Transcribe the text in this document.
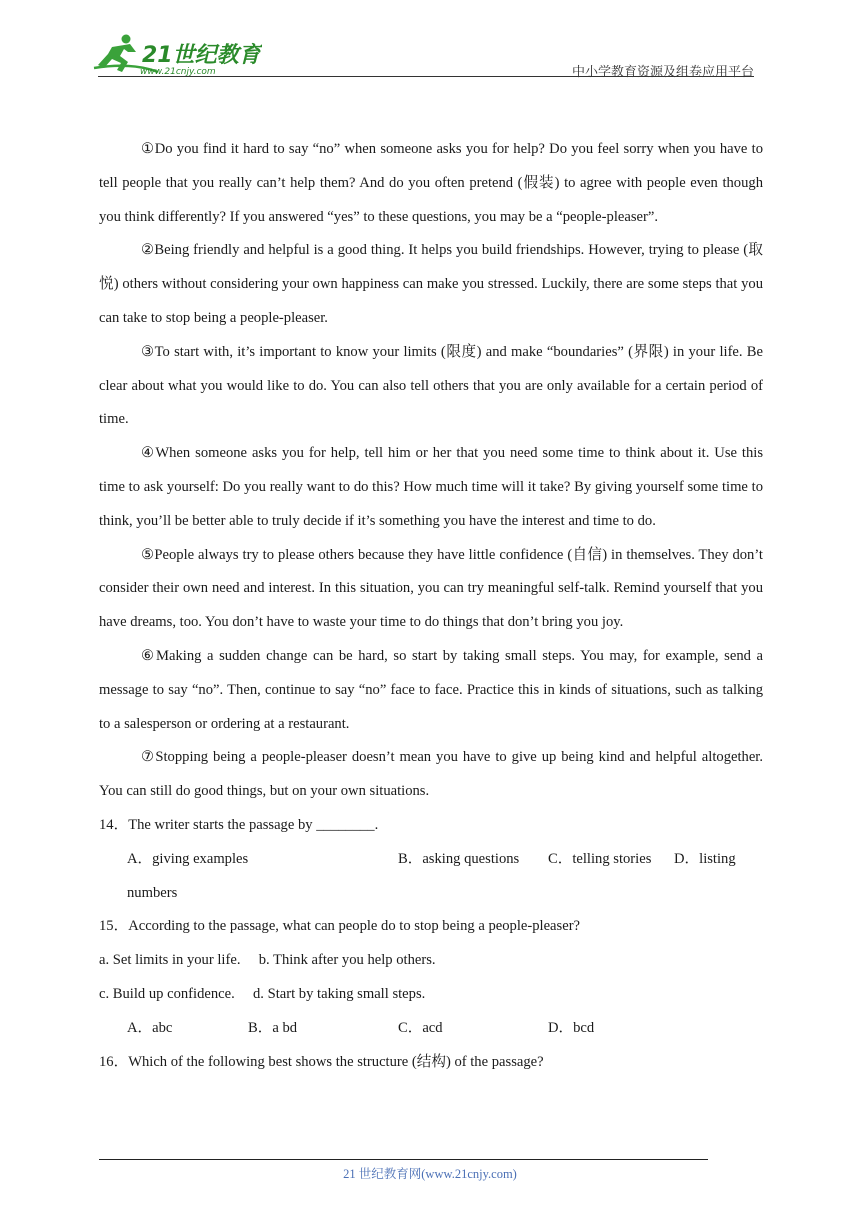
21世纪教育
www.21cnjy.com	中小学教育资源及组卷应用平台

①Do you find it hard to say “no” when someone asks you for help? Do you feel sorry when you have to tell people that you really can’t help them? And do you often pretend (假装) to agree with people even though you think differently? If you answered “yes” to these questions, you may be a “people-pleaser”.

②Being friendly and helpful is a good thing. It helps you build friendships. However, trying to please (取悦) others without considering your own happiness can make you stressed. Luckily, there are some steps that you can take to stop being a people-pleaser.

③To start with, it’s important to know your limits (限度) and make “boundaries” (界限) in your life. Be clear about what you would like to do. You can also tell others that you are only available for a certain period of time.

④When someone asks you for help, tell him or her that you need some time to think about it. Use this time to ask yourself: Do you really want to do this? How much time will it take? By giving yourself some time to think, you’ll be better able to truly decide if it’s something you have the interest and time to do.

⑤People always try to please others because they have little confidence (自信) in themselves. They don’t consider their own need and interest. In this situation, you can try meaningful self-talk. Remind yourself that you have dreams, too. You don’t have to waste your time to do things that don’t bring you joy.

⑥Making a sudden change can be hard, so start by taking small steps. You may, for example, send a message to say “no”. Then, continue to say “no” face to face. Practice this in kinds of situations, such as talking to a salesperson or ordering at a restaurant.

⑦Stopping being a people-pleaser doesn’t mean you have to give up being kind and helpful altogether. You can still do good things, but on your own situations.

14．The writer starts the passage by ________.

A．giving examples	B．asking questions	C．telling stories	D．listing

numbers

15．According to the passage, what can people do to stop being a people-pleaser?

a. Set limits in your life.     b. Think after you help others.

c. Build up confidence.     d. Start by taking small steps.

A．abc	B．a bd	C．acd	D．bcd

16．Which of the following best shows the structure (结构) of the passage?

21 世纪教育网(www.21cnjy.com)
